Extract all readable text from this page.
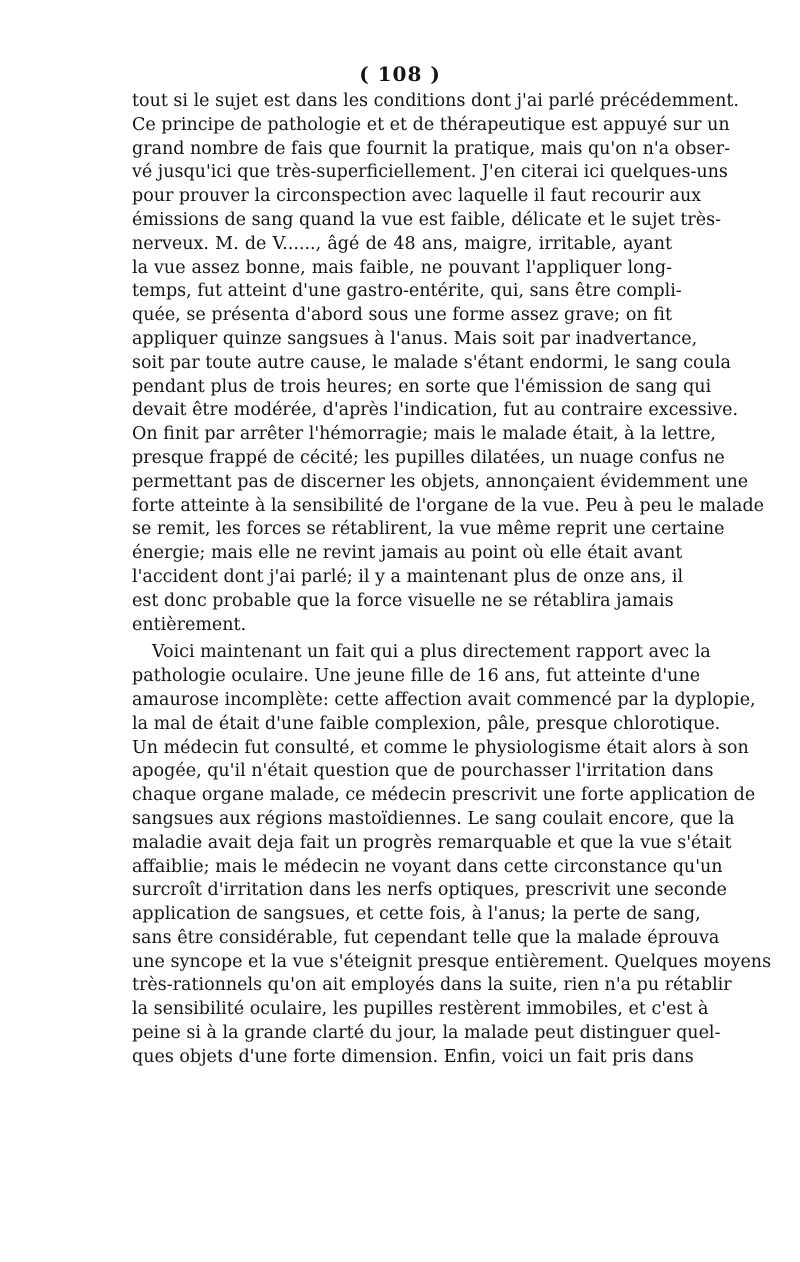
( 108 )
tout si le sujet est dans les conditions dont j'ai parlé précédemment.
Ce principe de pathologie et et de thérapeutique est appuyé sur un
grand nombre de fais que fournit la pratique, mais qu'on n'a obser-
vé jusqu'ici que très-superficiellement. J'en citerai ici quelques-uns
pour prouver la circonspection avec laquelle il faut recourir aux
émissions de sang quand la vue est faible, délicate et le sujet très-
nerveux. M. de V......, âgé de 48 ans, maigre, irritable, ayant
la vue assez bonne, mais faible, ne pouvant l'appliquer long-
temps, fut atteint d'une gastro-entérite, qui, sans être compli-
quée, se présenta d'abord sous une forme assez grave; on fit
appliquer quinze sangsues à l'anus. Mais soit par inadvertance,
soit par toute autre cause, le malade s'étant endormi, le sang coula
pendant plus de trois heures; en sorte que l'émission de sang qui
devait être modérée, d'après l'indication, fut au contraire excessive.
On finit par arrêter l'hémorragie; mais le malade était, à la lettre,
presque frappé de cécité; les pupilles dilatées, un nuage confus ne
permettant pas de discerner les objets, annonçaient évidemment une
forte atteinte à la sensibilité de l'organe de la vue. Peu à peu le malade
se remit, les forces se rétablirent, la vue même reprit une certaine
énergie; mais elle ne revint jamais au point où elle était avant
l'accident dont j'ai parlé; il y a maintenant plus de onze ans, il
est donc probable que la force visuelle ne se rétablira jamais
entièrement.
Voici maintenant un fait qui a plus directement rapport avec la
pathologie oculaire. Une jeune fille de 16 ans, fut atteinte d'une
amaurose incomplète: cette affection avait commencé par la dyplopie,
la mal de était d'une faible complexion, pâle, presque chlorotique.
Un médecin fut consulté, et comme le physiologisme était alors à son
apogée, qu'il n'était question que de pourchasser l'irritation dans
chaque organe malade, ce médecin prescrivit une forte application de
sangsues aux régions mastoïdiennes. Le sang coulait encore, que la
maladie avait deja fait un progrès remarquable et que la vue s'était
affaiblie; mais le médecin ne voyant dans cette circonstance qu'un
surcroît d'irritation dans les nerfs optiques, prescrivit une seconde
application de sangsues, et cette fois, à l'anus; la perte de sang,
sans être considérable, fut cependant telle que la malade éprouva
une syncope et la vue s'éteignit presque entièrement. Quelques moyens
très-rationnels qu'on ait employés dans la suite, rien n'a pu rétablir
la sensibilité oculaire, les pupilles restèrent immobiles, et c'est à
peine si à la grande clarté du jour, la malade peut distinguer quel-
ques objets d'une forte dimension. Enfin, voici un fait pris dans
